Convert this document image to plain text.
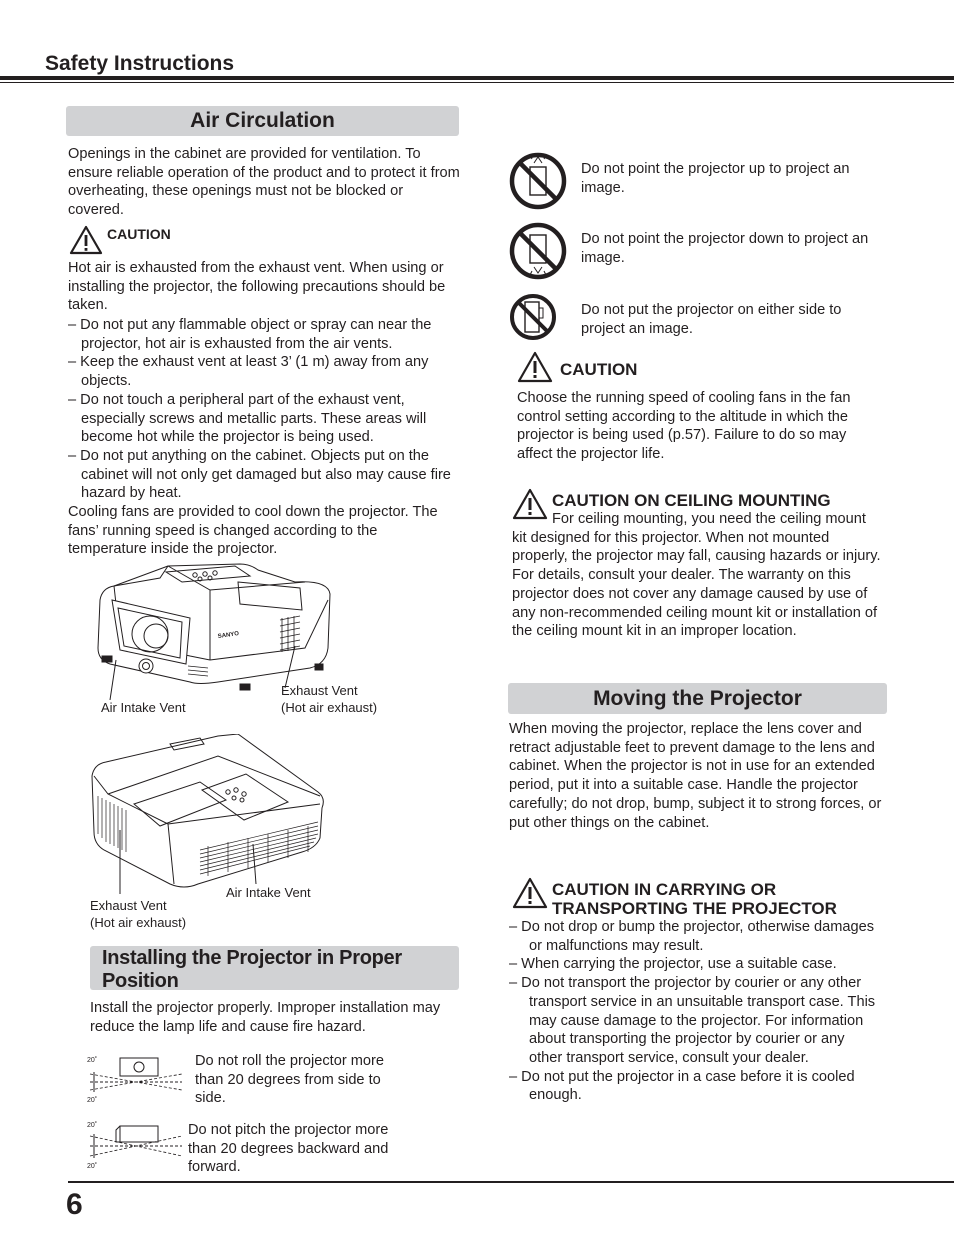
Safety Instructions
Air Circulation
Openings in the cabinet are provided for ventilation. To ensure reliable operation of the product and to protect it from overheating, these openings must not be blocked or covered.
CAUTION
Hot air is exhausted from the exhaust vent. When using or installing the projector, the following precautions should be taken.
– Do not put any flammable object or spray can near the projector, hot air is exhausted from the air vents.
– Keep the exhaust vent at least 3’ (1 m) away from any objects.
– Do not touch a peripheral part of the exhaust vent, especially screws and metallic parts. These areas will become hot while the projector is being used.
– Do not put anything on the cabinet. Objects put on the cabinet will not only get damaged but also may cause fire hazard by heat.
Cooling fans are provided to cool down the projector. The fans’ running speed is changed according to the temperature inside the projector.
SANYO
Air Intake Vent
Exhaust Vent
(Hot air exhaust)
Exhaust Vent
(Hot air exhaust)
Air Intake Vent
Installing the Projector in Proper
Position
Install the projector properly. Improper installation may reduce the lamp life and cause fire hazard.
20˚
20˚
Do not roll the projector more than 20 degrees from side to side.
20˚
20˚
Do not pitch the projector more than 20 degrees backward and forward.
Do not point the projector up to project an image.
Do not point the projector down to project an image.
Do not put the projector on either side to project an image.
CAUTION
Choose the running speed of cooling fans in the fan control setting according to the altitude in which the projector is being used (p.57). Failure to do so may affect the projector life.
CAUTION ON CEILING MOUNTING
For ceiling mounting, you need the ceiling mount kit designed for this projector. When not mounted properly, the projector may fall, causing hazards or injury. For details, consult your dealer. The warranty on this projector does not cover any damage caused by use of any non-recommended ceiling mount kit or installation of the ceiling mount kit in an improper location.
Moving the Projector
When moving the projector, replace the lens cover and retract adjustable feet to prevent damage to the lens and cabinet. When the projector is not in use for an extended period, put it into a suitable case. Handle the projector carefully; do not drop, bump, subject it to strong forces, or put other things on the cabinet.
CAUTION IN CARRYING OR
TRANSPORTING THE PROJECTOR
– Do not drop or bump the projector, otherwise damages or malfunctions may result.
– When carrying the projector, use a suitable case.
– Do not transport the projector by courier or any other transport service in an unsuitable transport case. This may cause damage to the projector. For information about transporting the projector by courier or any other transport service, consult your dealer.
– Do not put the projector in a case before it is cooled enough.
6
